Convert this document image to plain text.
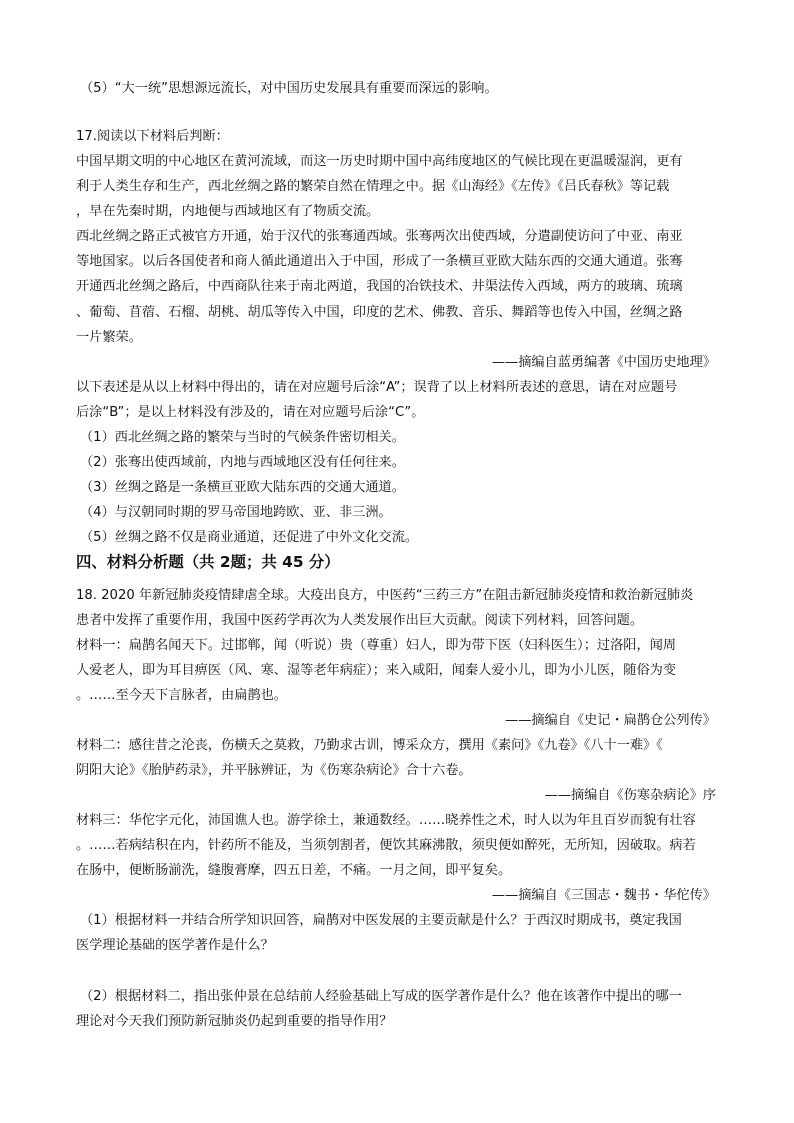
（5）“大一统”思想源远流长，对中国历史发展具有重要而深远的影响。
17.阅读以下材料后判断：
中国早期文明的中心地区在黄河流域，而这一历史时期中国中高纬度地区的气候比现在更温暖湿润，更有
利于人类生存和生产，西北丝绸之路的繁荣自然在情理之中。据《山海经》《左传》《吕氏春秋》等记载
，早在先秦时期，内地便与西域地区有了物质交流。
西北丝绸之路正式被官方开通，始于汉代的张骞通西域。张骞两次出使西域，分遣副使访问了中亚、南亚
等地国家。以后各国使者和商人循此通道出入于中国，形成了一条横亘亚欧大陆东西的交通大通道。张骞
开通西北丝绸之路后，中西商队往来于南北两道，我国的冶铁技术、井渠法传入西域，两方的玻璃、琉璃
、葡萄、苜蓿、石榴、胡桃、胡瓜等传入中国，印度的艺术、佛教、音乐、舞蹈等也传入中国，丝绸之路
一片繁荣。
——摘编自蓝勇编著《中国历史地理》
以下表述是从以上材料中得出的，请在对应题号后涂“A”；误背了以上材料所表述的意思，请在对应题号
后涂“B”；是以上材料没有涉及的，请在对应题号后涂“C”。
（1）西北丝绸之路的繁荣与当时的气候条件密切相关。
（2）张骞出使西域前，内地与西域地区没有任何往来。
（3）丝绸之路是一条横亘亚欧大陆东西的交通大通道。
（4）与汉朝同时期的罗马帝国地跨欧、亚、非三洲。
（5）丝绸之路不仅是商业通道，还促进了中外文化交流。
四、材料分析题（共 2题；共 45 分）
18. 2020 年新冠肺炎疫情肆虐全球。大疫出良方，中医药“三药三方”在阻击新冠肺炎疫情和救治新冠肺炎
患者中发挥了重要作用，我国中医药学再次为人类发展作出巨大贡献。阅读下列材料，回答问题。
材料一：扁鹊名闻天下。过邯郸，闻（听说）贵（尊重）妇人，即为带下医（妇科医生）；过洛阳，闻周
人爱老人，即为耳目痹医（风、寒、湿等老年病症）；来入咸阳，闻秦人爱小儿，即为小儿医，随俗为变
。……至今天下言脉者，由扁鹊也。
——摘编自《史记・扁鹊仓公列传》
材料二：感往昔之沦丧，伤横夭之莫救，乃勤求古训，博采众方，撰用《素问》《九卷》《八十一难》《
阴阳大论》《胎胪药录》，并平脉辨证，为《伤寒杂病论》合十六卷。
——摘编自《伤寒杂病论》序
材料三：华佗字元化，沛国谯人也。游学徐土，兼通数经。……晓养性之术，时人以为年且百岁而貌有壮容
。……若病结积在内，针药所不能及，当须刳割者，便饮其麻沸散，须臾便如醉死，无所知，因破取。病若
在肠中，便断肠湔洗，缝腹膏摩，四五日差，不痛。一月之间，即平复矣。
——摘编自《三国志・魏书・华佗传》
（1）根据材料一并结合所学知识回答，扁鹊对中医发展的主要贡献是什么？于西汉时期成书，奠定我国
医学理论基础的医学著作是什么？
（2）根据材料二，指出张仲景在总结前人经验基础上写成的医学著作是什么？他在该著作中提出的哪一
理论对今天我们预防新冠肺炎仍起到重要的指导作用？
